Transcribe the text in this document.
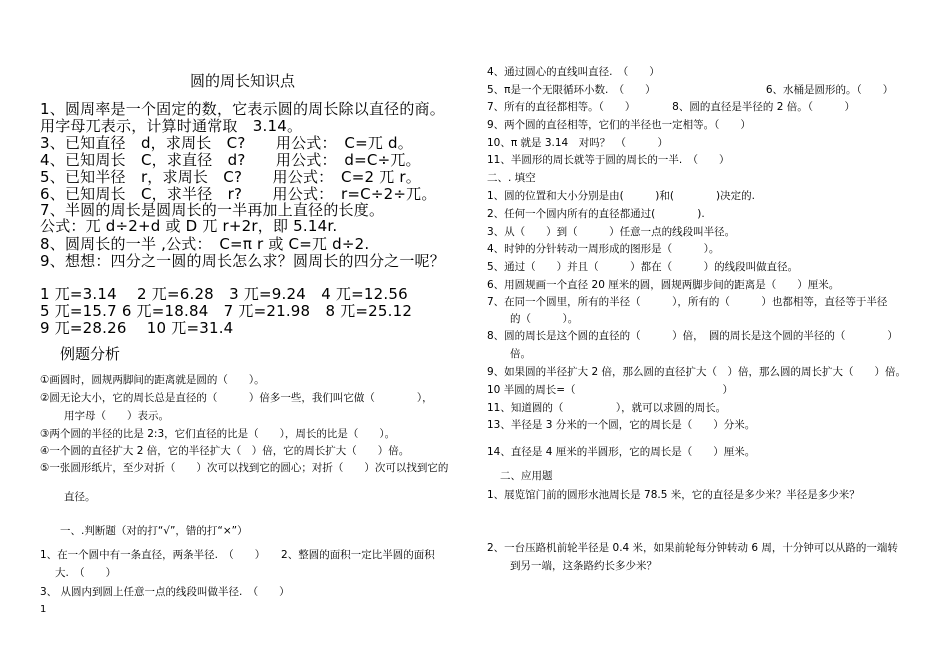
圆的周长知识点
1、圆周率是一个固定的数，它表示圆的周长除以直径的商。
用字母兀表示，计算时通常取　3.14。
3、已知直径　d，求周长　C?　　用公式：　C=兀 d。
4、已知周长　C，求直径　d?　　用公式：　d=C÷兀。
5、已知半径　r，求周长　C?　　用公式：　C=2 兀 r。
6、已知周长　C，求半径　r?　　用公式：　r=C÷2÷兀。
7、半圆的周长是圆周长的一半再加上直径的长度。
公式：兀 d÷2+d 或 D 兀 r+2r，即 5.14r.
8、圆周长的一半 ,公式：　C=π r 或 C=兀 d÷2.
9、想想：四分之一圆的周长怎么求？圆周长的四分之一呢？
1 兀=3.14　 2 兀=6.28　3 兀=9.24　4 兀=12.56
5 兀=15.7 6 兀=18.84　7 兀=21.98　8 兀=25.12
9 兀=28.26　 10 兀=31.4
例题分析
①画圆时，圆规两脚间的距离就是圆的（　　）。
②圆无论大小，它的周长总是直径的（　　　）倍多一些，我们叫它做（　　　　），
用字母（　　）表示。
③两个圆的半径的比是 2:3，它们直径的比是（　　），周长的比是（　　）。
④一个圆的直径扩大 2 倍，它的半径扩大（　）倍，它的周长扩大（　　）倍。
⑤一张圆形纸片，至少对折（　　）次可以找到它的圆心；对折（　　）次可以找到它的
直径。
一、.判断题（对的打“√”，错的打“×”）
1、在一个圆中有一条直径，两条半径.　（　　）　　2、整圆的面积一定比半圆的面积
大.　（　　）
3、 从圆内到圆上任意一点的线段叫做半径.　（　　）
1
4、通过圆心的直线叫直径.　（　　）
5、π是一个无限循环小数.　（　　）　　　　　　　　　　　6、水桶是圆形的。（　　）
7、所有的直径都相等。（　　）　　　　8、圆的直径是半径的 2 倍。（　　　）
9、两个圆的直径相等，它们的半径也一定相等。（　　）
10、π 就是 3.14　对吗？　（　　　）
11、半圆形的周长就等于圆的周长的一半.　（　　）
二、. 填空
1、圆的位置和大小分别是由(　　　)和(　　　　)决定的.
2、任何一个圆内所有的直径都通过(　　　　).
3、从（　　）到（　　　）任意一点的线段叫半径。
4、时钟的分针转动一周形成的图形是（　　　）。
5、通过（　　）并且（　　　）都在（　　　）的线段叫做直径。
6、用圆规画一个直径 20 厘米的圆，圆规两脚步间的距离是（　　）厘米。
7、在同一个圆里，所有的半径（　　　），所有的（　　　）也都相等，直径等于半径
的（　　　）。
8、圆的周长是这个圆的直径的（　　　）倍，　圆的周长是这个圆的半径的（　　　　）
倍。
9、如果圆的半径扩大 2 倍，那么圆的直径扩大（　）倍，那么圆的周长扩大（　　）倍。
10 半圆的周长=（　　　　　　　　　　　　　　）
11、知道圆的（　　　　　），就可以求圆的周长。
13、半径是 3 分米的一个圆，它的周长是（　　）分米。
14、直径是 4 厘米的半圆形，它的周长是（　　）厘米。
二、应用题
1、展览馆门前的圆形水池周长是 78.5 米，它的直径是多少米？半径是多少米？
2、一台压路机前轮半径是 0.4 米，如果前轮每分钟转动 6 周，十分钟可以从路的一端转
到另一端，这条路约长多少米？
